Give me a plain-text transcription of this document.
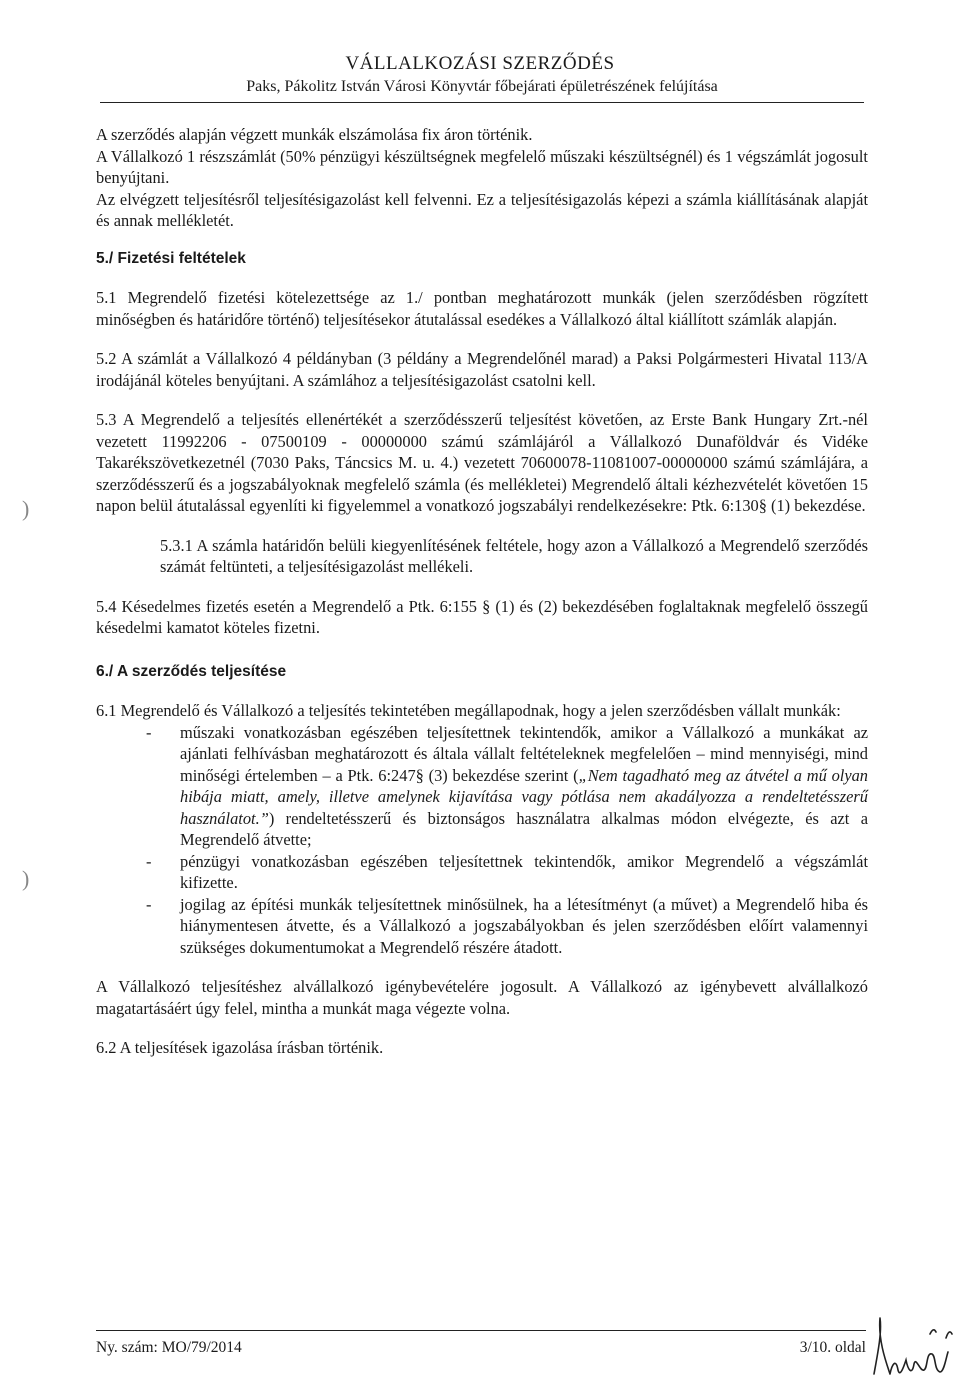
VÁLLALKOZÁSI SZERZŐDÉS
Paks, Pákolitz István Városi Könyvtár főbejárati épületrészének felújítása
)
)

A szerződés alapján végzett munkák elszámolása fix áron történik.

A Vállalkozó 1 részszámlát (50% pénzügyi készültségnek megfelelő műszaki készültségnél) és 1 végszámlát jogosult benyújtani.

Az elvégzett teljesítésről teljesítésigazolást kell felvenni. Ez a teljesítésigazolás képezi a számla kiállításának alapját és annak mellékletét.

5./ Fizetési feltételek

5.1 Megrendelő fizetési kötelezettsége az 1./ pontban meghatározott munkák (jelen szerződésben rögzített minőségben és határidőre történő) teljesítésekor átutalással esedékes a Vállalkozó által kiállított számlák alapján.

5.2 A számlát a Vállalkozó 4 példányban (3 példány a Megrendelőnél marad) a Paksi Polgármesteri Hivatal 113/A irodájánál köteles benyújtani. A számlához a teljesítésigazolást csatolni kell.

5.3 A Megrendelő a teljesítés ellenértékét a szerződésszerű teljesítést követően, az Erste Bank Hungary Zrt.-nél vezetett 11992206 - 07500109 - 00000000 számú számlájáról a Vállalkozó Dunaföldvár és Vidéke Takarékszövetkezetnél (7030 Paks, Táncsics M. u. 4.) vezetett 70600078-11081007-00000000 számú számlájára, a szerződésszerű és a jogszabályoknak megfelelő számla (és mellékletei) Megrendelő általi kézhezvételét követően 15 napon belül átutalással egyenlíti ki figyelemmel a vonatkozó jogszabályi rendelkezésekre: Ptk. 6:130§ (1) bekezdése.

5.3.1 A számla határidőn belüli kiegyenlítésének feltétele, hogy azon a Vállalkozó a Megrendelő szerződés számát feltünteti, a teljesítésigazolást mellékeli.

5.4 Késedelmes fizetés esetén a Megrendelő a Ptk. 6:155 § (1) és (2) bekezdésében foglaltaknak megfelelő összegű késedelmi kamatot köteles fizetni.

6./ A szerződés teljesítése

6.1 Megrendelő és Vállalkozó a teljesítés tekintetében megállapodnak, hogy a jelen szerződésben vállalt munkák:

- műszaki vonatkozásban egészében teljesítettnek tekintendők, amikor a Vállalkozó a munkákat az ajánlati felhívásban meghatározott és általa vállalt feltételeknek megfelelően – mind mennyiségi, mind minőségi értelemben – a Ptk. 6:247§ (3) bekezdése szerint („Nem tagadható meg az átvétel a mű olyan hibája miatt, amely, illetve amelynek kijavítása vagy pótlása nem akadályozza a rendeltetésszerű használatot.”) rendeltetésszerű és biztonságos használatra alkalmas módon elvégezte, és azt a Megrendelő átvette;
- pénzügyi vonatkozásban egészében teljesítettnek tekintendők, amikor Megrendelő a végszámlát kifizette.
- jogilag az építési munkák teljesítettnek minősülnek, ha a létesítményt (a művet) a Megrendelő hiba és hiánymentesen átvette, és a Vállalkozó a jogszabályokban és jelen szerződésben előírt valamennyi szükséges dokumentumokat a Megrendelő részére átadott.

A Vállalkozó teljesítéshez alvállalkozó igénybevételére jogosult. A Vállalkozó az igénybevett alvállalkozó magatartásáért úgy felel, mintha a munkát maga végezte volna.

6.2 A teljesítések igazolása írásban történik.

Ny. szám: MO/79/2014	3/10. oldal
